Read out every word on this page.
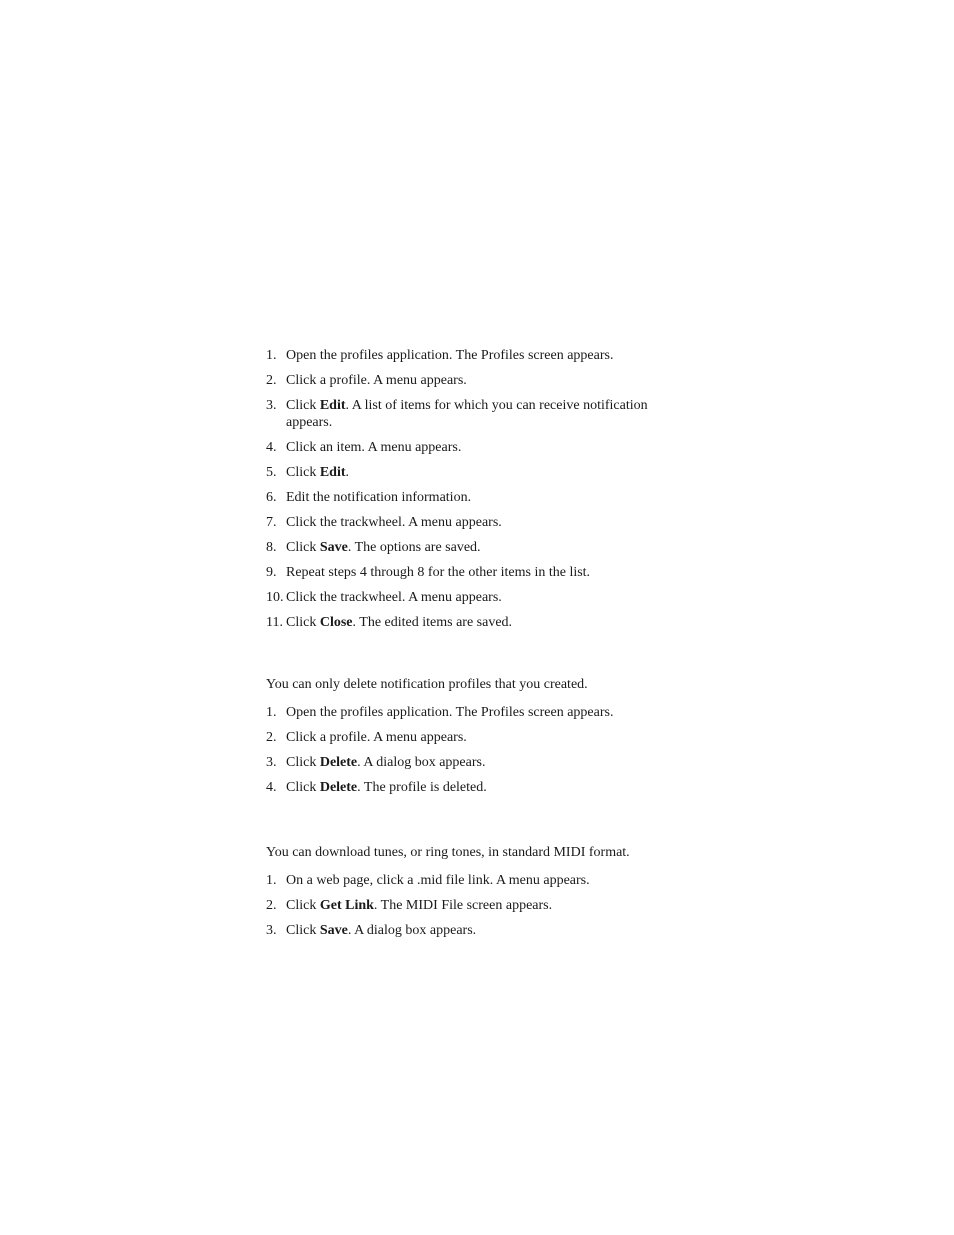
1. Open the profiles application. The Profiles screen appears.
2. Click a profile. A menu appears.
3. Click Edit. A list of items for which you can receive notification appears.
4. Click an item. A menu appears.
5. Click Edit.
6. Edit the notification information.
7. Click the trackwheel. A menu appears.
8. Click Save. The options are saved.
9. Repeat steps 4 through 8 for the other items in the list.
10. Click the trackwheel. A menu appears.
11. Click Close. The edited items are saved.

You can only delete notification profiles that you created.

1. Open the profiles application. The Profiles screen appears.
2. Click a profile. A menu appears.
3. Click Delete. A dialog box appears.
4. Click Delete. The profile is deleted.

You can download tunes, or ring tones, in standard MIDI format.

1. On a web page, click a .mid file link. A menu appears.
2. Click Get Link. The MIDI File screen appears.
3. Click Save. A dialog box appears.
